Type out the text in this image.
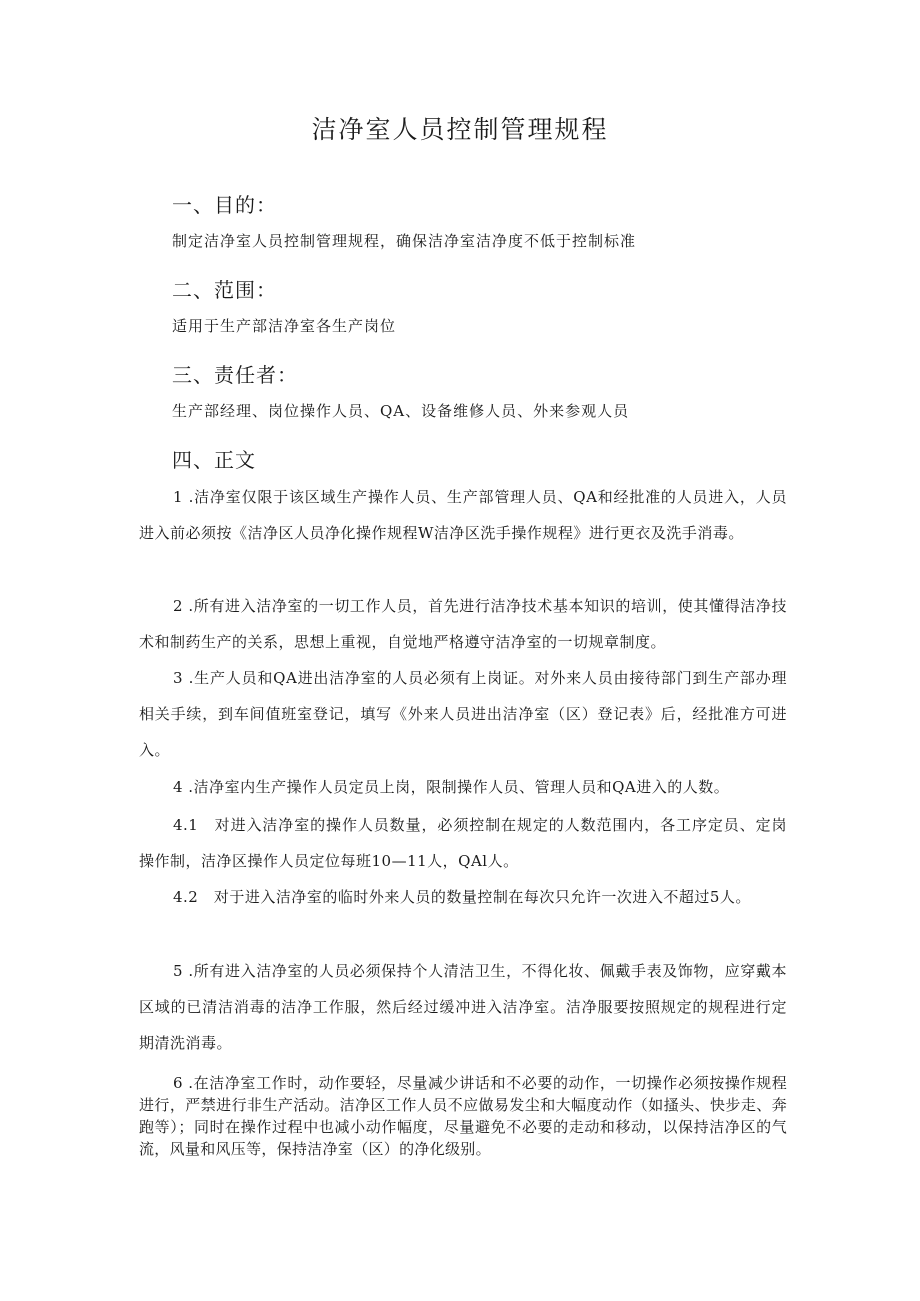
洁净室人员控制管理规程
一、目的：
制定洁净室人员控制管理规程，确保洁净室洁净度不低于控制标准
二、范围：
适用于生产部洁净室各生产岗位
三、责任者：
生产部经理、岗位操作人员、QA、设备维修人员、外来参观人员
四、正文
1 .洁净室仅限于该区域生产操作人员、生产部管理人员、QA和经批准的人员进入，人员进入前必须按《洁净区人员净化操作规程W洁净区洗手操作规程》进行更衣及洗手消毒。
2 .所有进入洁净室的一切工作人员，首先进行洁净技术基本知识的培训，使其懂得洁净技术和制药生产的关系，思想上重视，自觉地严格遵守洁净室的一切规章制度。
3 .生产人员和QA进出洁净室的人员必须有上岗证。对外来人员由接待部门到生产部办理相关手续，到车间值班室登记，填写《外来人员进出洁净室（区）登记表》后，经批准方可进入。
4 .洁净室内生产操作人员定员上岗，限制操作人员、管理人员和QA进入的人数。
4.1　对进入洁净室的操作人员数量，必须控制在规定的人数范围内，各工序定员、定岗操作制，洁净区操作人员定位每班10—11人，QAl人。
4.2　对于进入洁净室的临时外来人员的数量控制在每次只允许一次进入不超过5人。
5 .所有进入洁净室的人员必须保持个人清洁卫生，不得化妆、佩戴手表及饰物，应穿戴本区域的已清洁消毒的洁净工作服，然后经过缓冲进入洁净室。洁净服要按照规定的规程进行定期清洗消毒。
6 .在洁净室工作时，动作要轻，尽量减少讲话和不必要的动作，一切操作必须按操作规程进行，严禁进行非生产活动。洁净区工作人员不应做易发尘和大幅度动作（如搔头、快步走、奔跑等）；同时在操作过程中也减小动作幅度，尽量避免不必要的走动和移动，以保持洁净区的气流，风量和风压等，保持洁净室（区）的净化级别。
